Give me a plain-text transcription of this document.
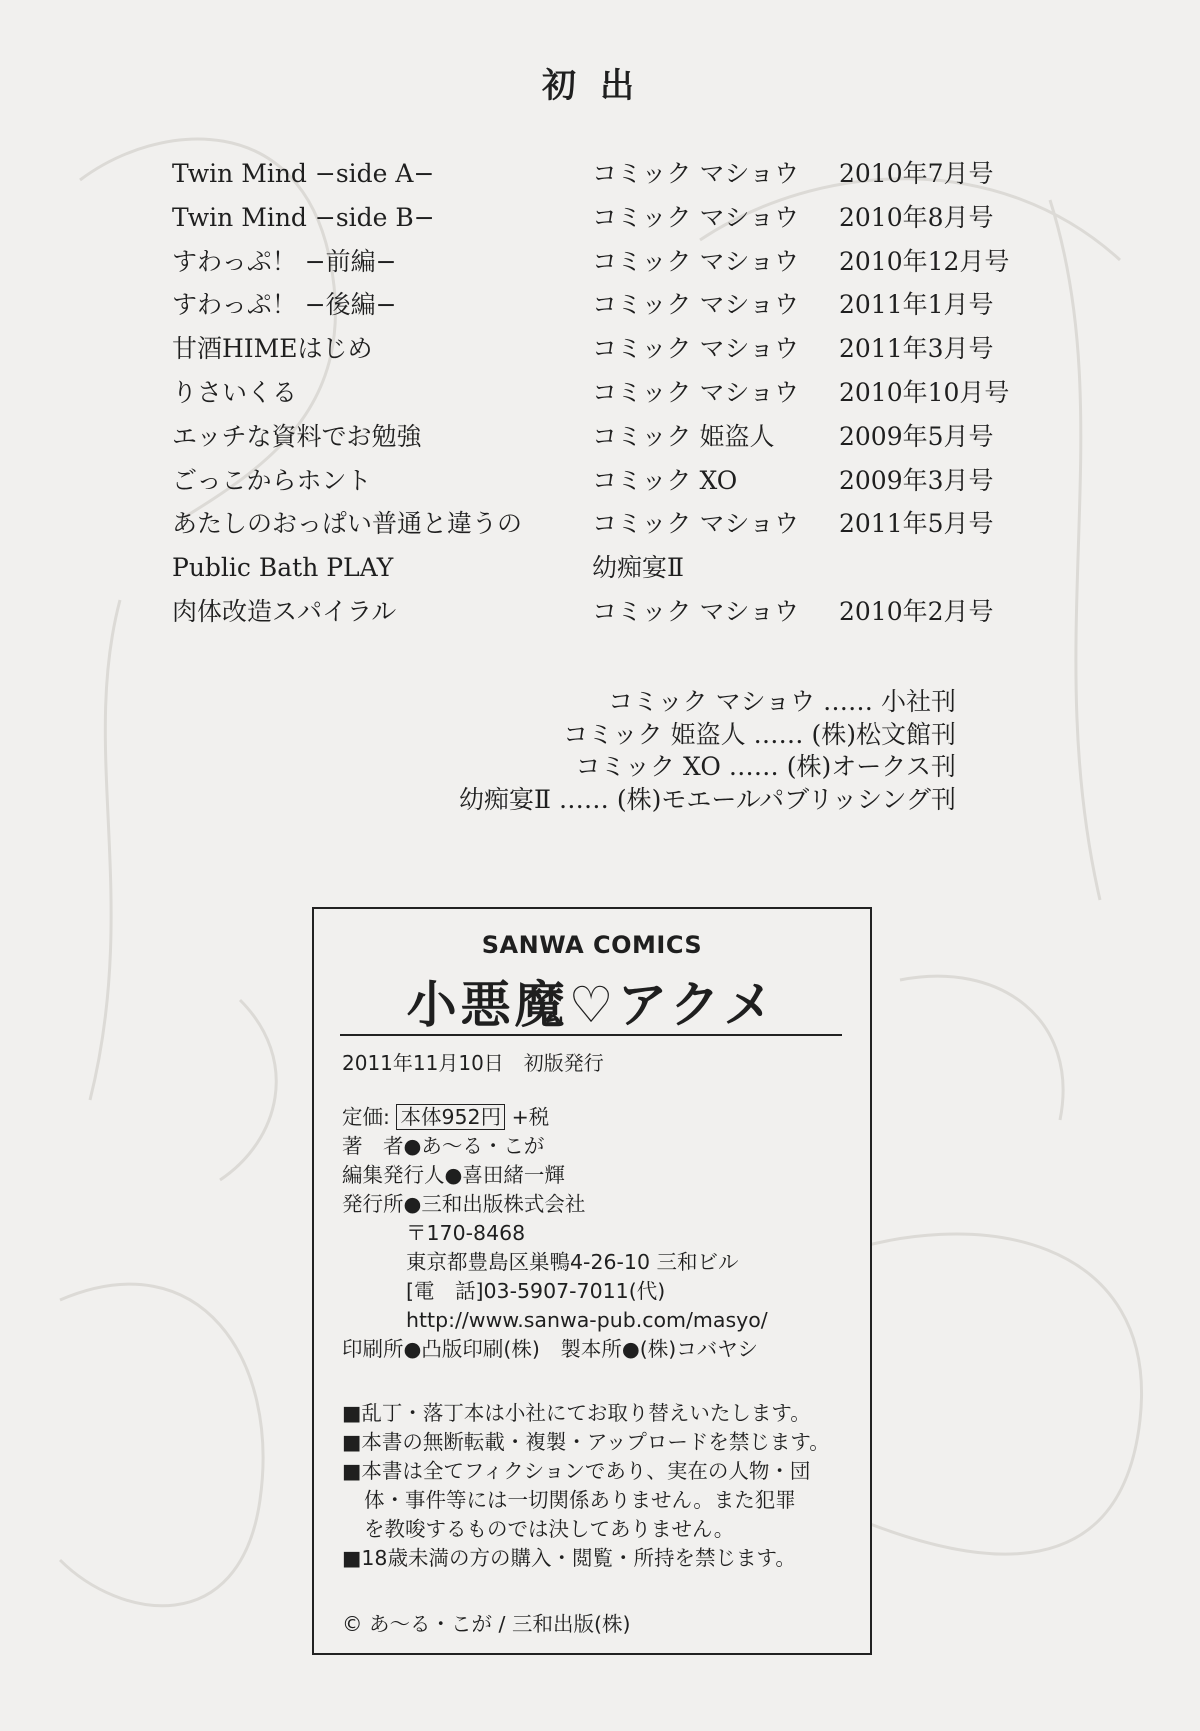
初出
Twin Mind −side A−	コミック マショウ 2010年7月号
Twin Mind −side B−	コミック マショウ 2010年8月号
すわっぷ！ −前編−	コミック マショウ 2010年12月号
すわっぷ！ −後編−	コミック マショウ 2011年1月号
甘酒HIMEはじめ	コミック マショウ 2011年3月号
りさいくる	コミック マショウ 2010年10月号
エッチな資料でお勉強	コミック 姫盗人	2009年5月号
ごっこからホント	コミック XO	2009年3月号
あたしのおっぱい普通と違うの	コミック マショウ 2011年5月号
Public Bath PLAY	幼痴宴Ⅱ
肉体改造スパイラル	コミック マショウ 2010年2月号
コミック マショウ …… 小社刊
コミック 姫盗人 …… (株)松文館刊
コミック XO …… (株)オークス刊
幼痴宴Ⅱ …… (株)モエールパブリッシング刊
SANWA COMICS
小悪魔♡アクメ
2011年11月10日　初版発行
定価: 本体952円 +税
著　者●あ～る・こが
編集発行人●喜田緒一輝
発行所●三和出版株式会社
〒170-8468
東京都豊島区巣鴨4-26-10 三和ビル
[電　話]03-5907-7011(代)
http://www.sanwa-pub.com/masyo/
印刷所●凸版印刷(株)　製本所●(株)コバヤシ
■乱丁・落丁本は小社にてお取り替えいたします。
■本書の無断転載・複製・アップロードを禁じます。
■本書は全てフィクションであり、実在の人物・団
体・事件等には一切関係ありません。また犯罪
を教唆するものでは決してありません。
■18歳未満の方の購入・閲覧・所持を禁じます。
© あ～る・こが / 三和出版(株)
